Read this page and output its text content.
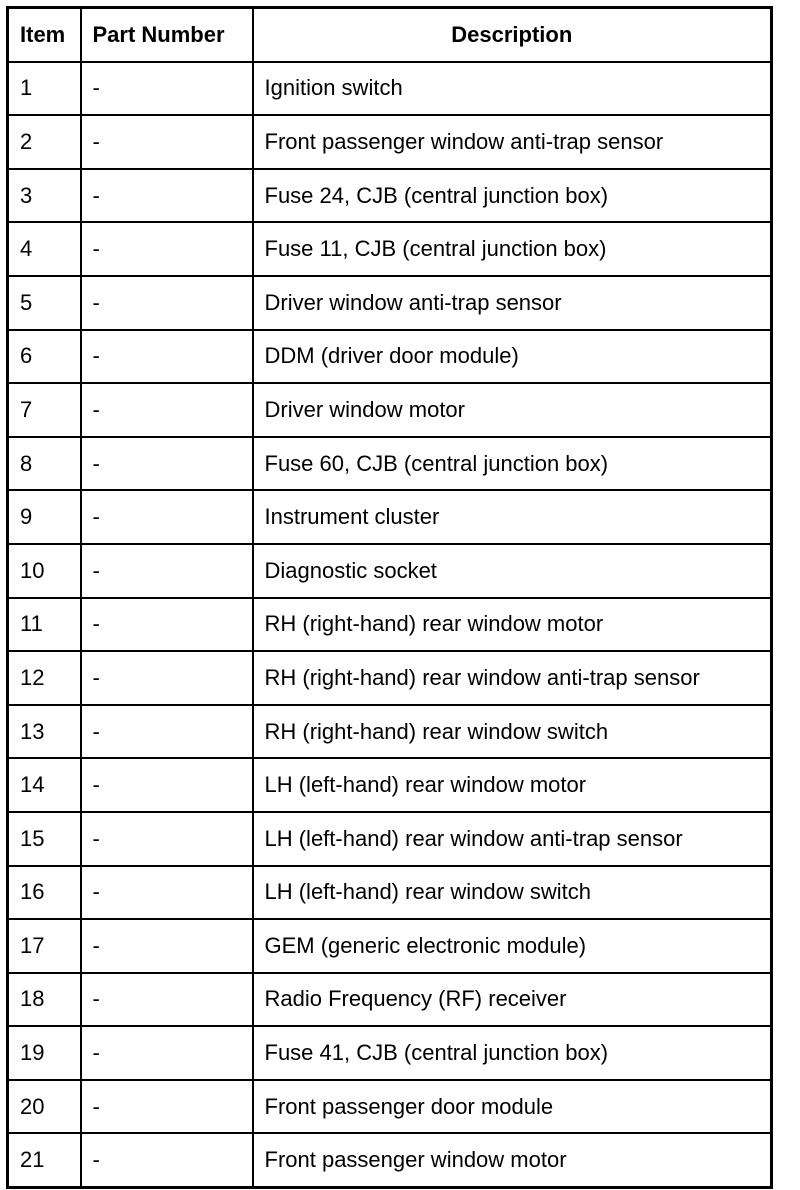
Item	Part Number	Description
1	-	Ignition switch
2	-	Front passenger window anti-trap sensor
3	-	Fuse 24, CJB (central junction box)
4	-	Fuse 11, CJB (central junction box)
5	-	Driver window anti-trap sensor
6	-	DDM (driver door module)
7	-	Driver window motor
8	-	Fuse 60, CJB (central junction box)
9	-	Instrument cluster
10	-	Diagnostic socket
11	-	RH (right-hand) rear window motor
12	-	RH (right-hand) rear window anti-trap sensor
13	-	RH (right-hand) rear window switch
14	-	LH (left-hand) rear window motor
15	-	LH (left-hand) rear window anti-trap sensor
16	-	LH (left-hand) rear window switch
17	-	GEM (generic electronic module)
18	-	Radio Frequency (RF) receiver
19	-	Fuse 41, CJB (central junction box)
20	-	Front passenger door module
21	-	Front passenger window motor
